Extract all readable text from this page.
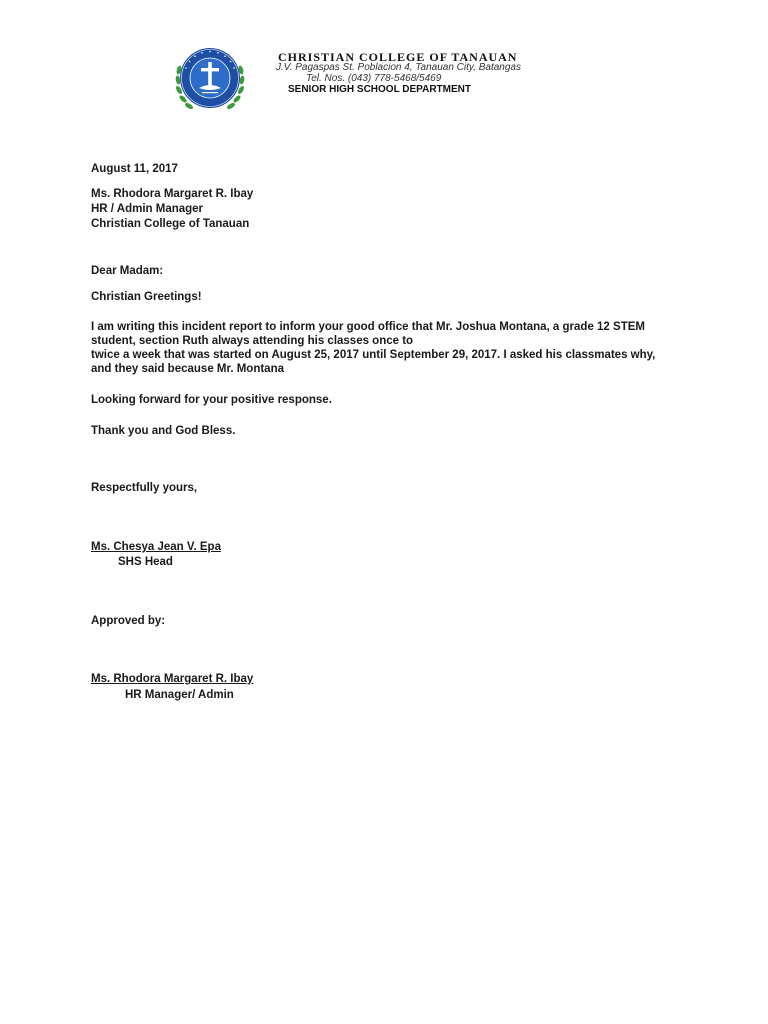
CHRISTIAN COLLEGE OF TANAUAN
J.V. Pagaspas St. Poblacion 4, Tanauan City, Batangas
Tel. Nos. (043) 778-5468/5469
SENIOR HIGH SCHOOL DEPARTMENT
August 11, 2017
Ms. Rhodora Margaret R. Ibay
HR / Admin Manager
Christian College of Tanauan
Dear Madam:
Christian Greetings!
I am writing this incident report to inform your good office that Mr. Joshua Montana, a grade 12 STEM
student, section Ruth always attending his classes once to
twice a week that was started on August 25, 2017 until September 29, 2017. I asked his classmates why,
and they said because Mr. Montana
Looking forward for your positive response.
Thank you and God Bless.
Respectfully yours,
Ms. Chesya Jean V. Epa
SHS Head
Approved by:
Ms. Rhodora Margaret R. Ibay
HR Manager/ Admin
